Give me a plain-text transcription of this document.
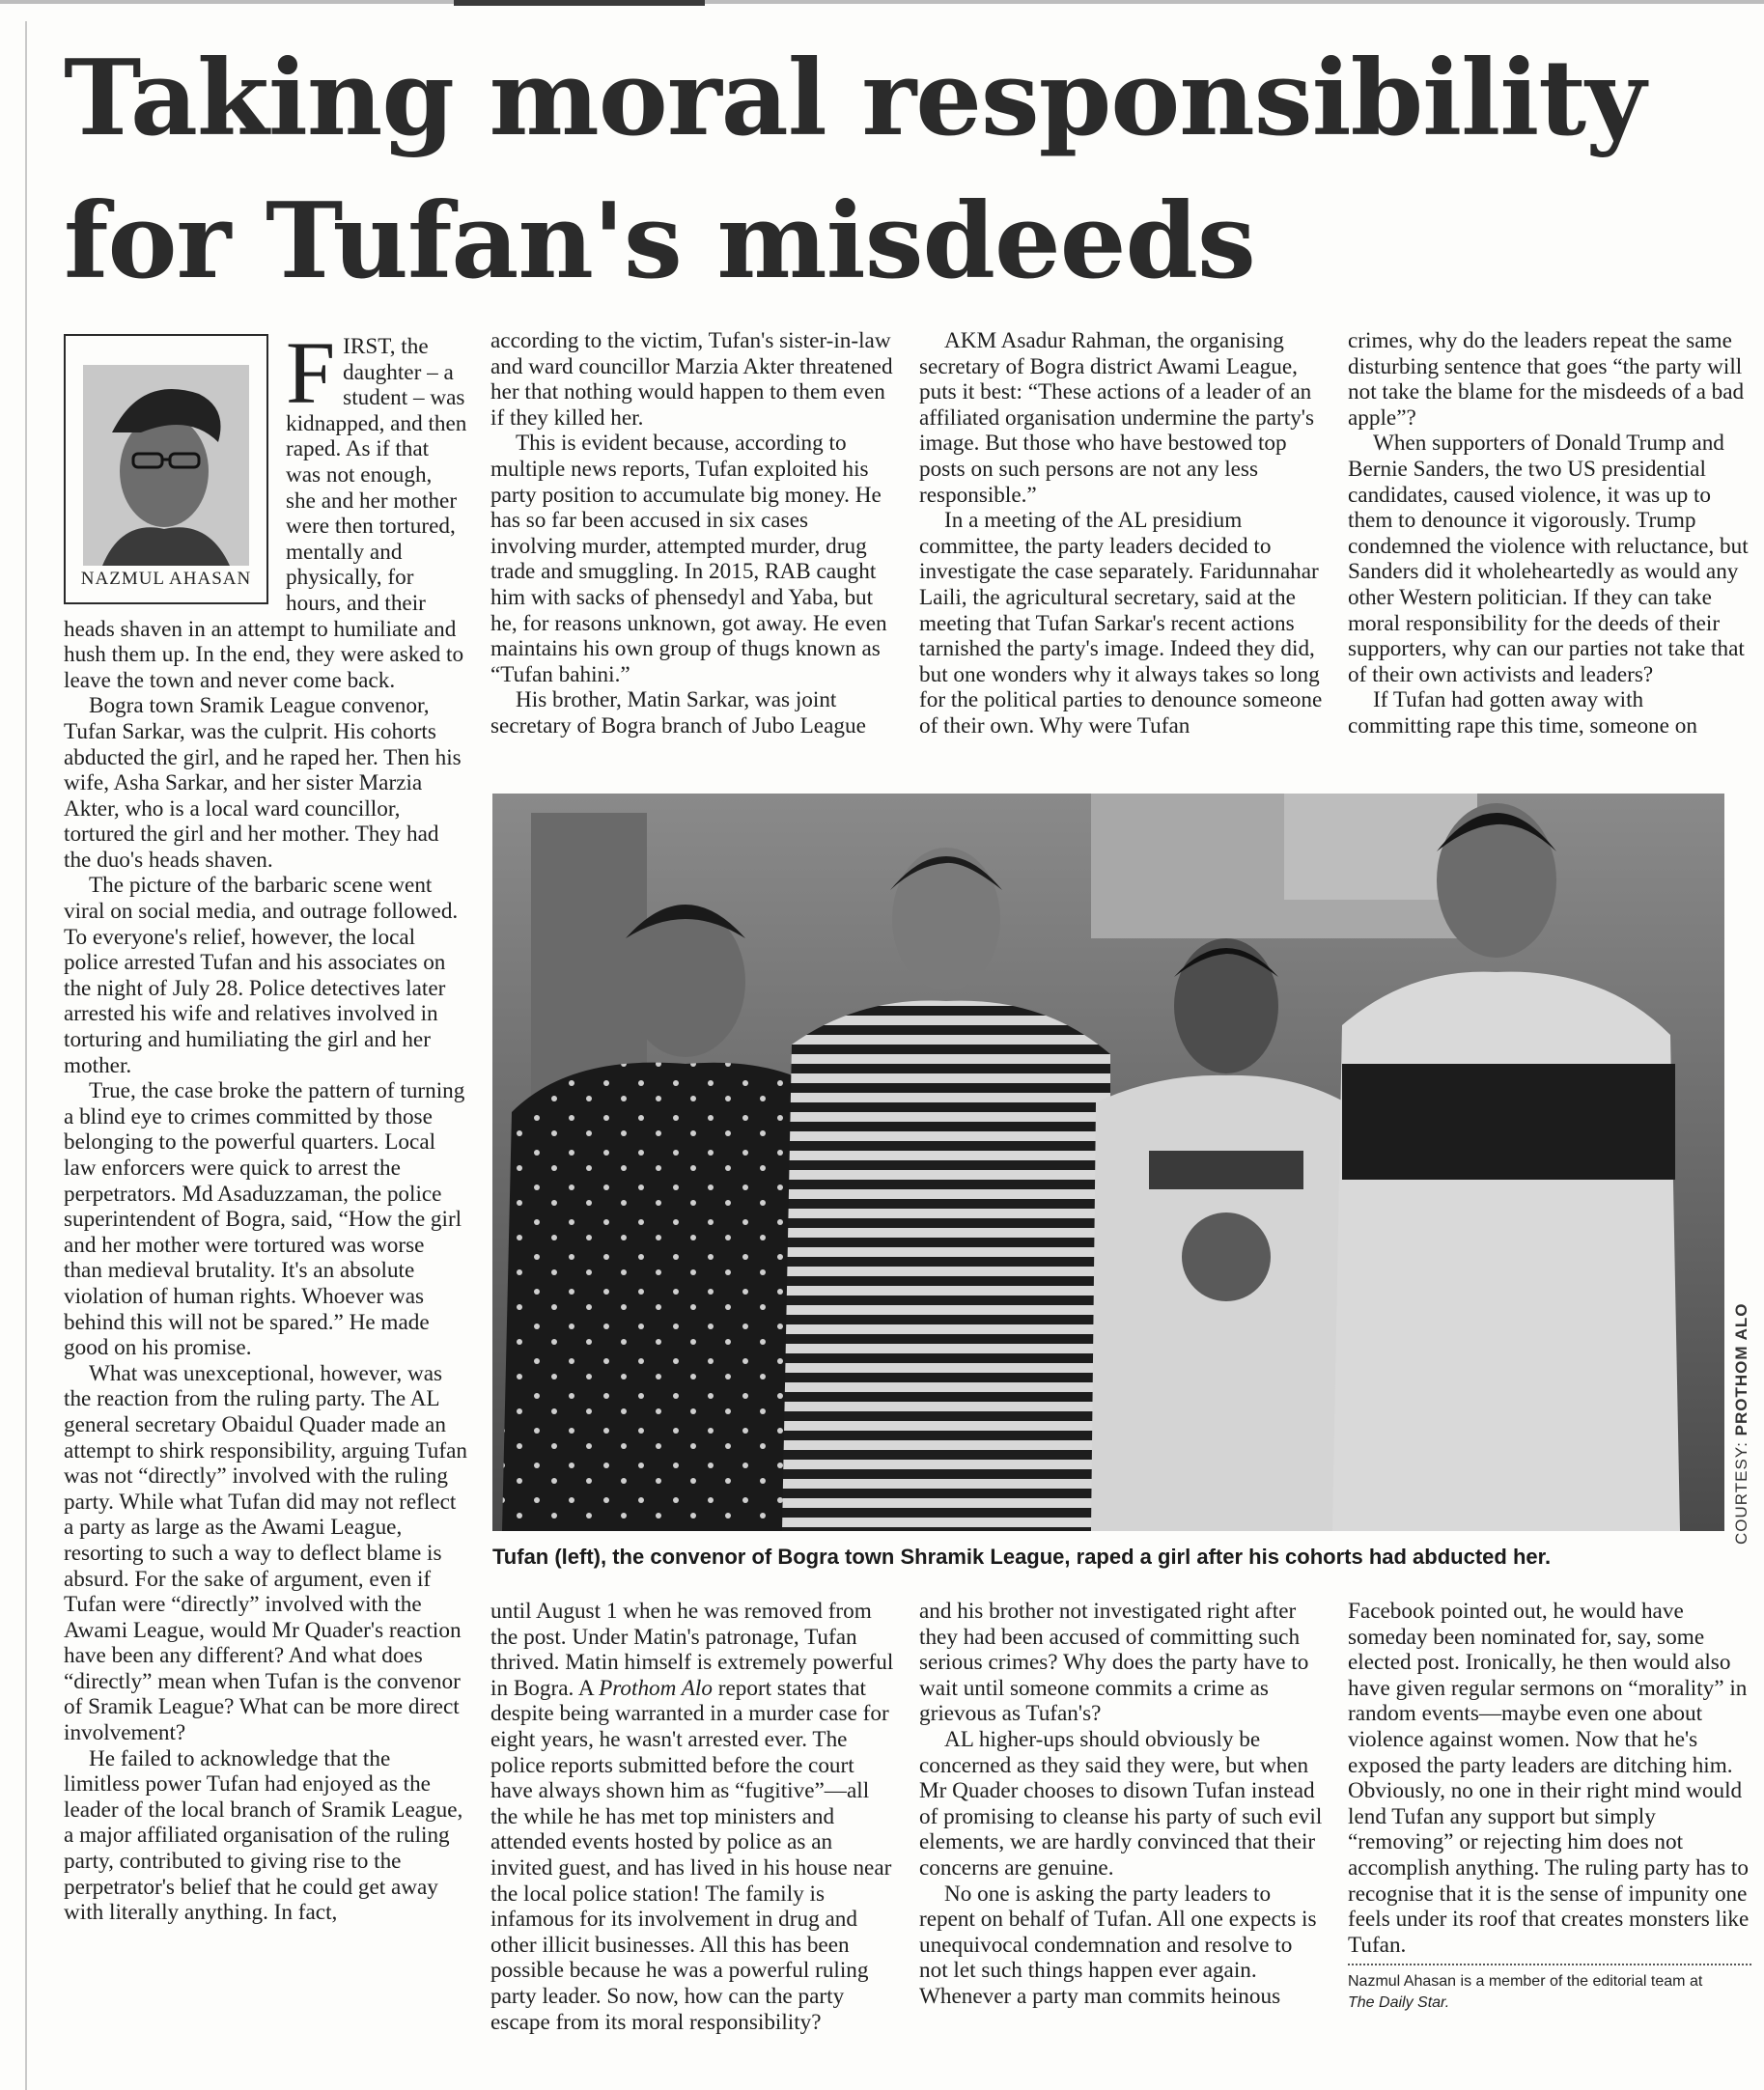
Taking moral responsibility
for Tufan's misdeeds
NAZMUL AHASAN

FIRST, the daughter – a student – was kidnapped, and then raped. As if that was not enough, she and her mother were then tortured, mentally and physically, for hours, and their heads shaven in an attempt to humiliate and hush them up. In the end, they were asked to leave the town and never come back.

Bogra town Sramik League convenor, Tufan Sarkar, was the culprit. His cohorts abducted the girl, and he raped her. Then his wife, Asha Sarkar, and her sister Marzia Akter, who is a local ward councillor, tortured the girl and her mother. They had the duo's heads shaven.

The picture of the barbaric scene went viral on social media, and outrage followed. To everyone's relief, however, the local police arrested Tufan and his associates on the night of July 28. Police detectives later arrested his wife and relatives involved in torturing and humiliating the girl and her mother.

True, the case broke the pattern of turning a blind eye to crimes committed by those belonging to the powerful quarters. Local law enforcers were quick to arrest the perpetrators. Md Asaduzzaman, the police superintendent of Bogra, said, “How the girl and her mother were tortured was worse than medieval brutality. It's an absolute violation of human rights. Whoever was behind this will not be spared.” He made good on his promise.

What was unexceptional, however, was the reaction from the ruling party. The AL general secretary Obaidul Quader made an attempt to shirk responsibility, arguing Tufan was not “directly” involved with the ruling party. While what Tufan did may not reflect a party as large as the Awami League, resorting to such a way to deflect blame is absurd. For the sake of argument, even if Tufan were “directly” involved with the Awami League, would Mr Quader's reaction have been any different? And what does “directly” mean when Tufan is the convenor of Sramik League? What can be more direct involvement?

He failed to acknowledge that the limitless power Tufan had enjoyed as the leader of the local branch of Sramik League, a major affiliated organisation of the ruling party, contributed to giving rise to the perpetrator's belief that he could get away with literally anything. In fact,

according to the victim, Tufan's sister-in-law and ward councillor Marzia Akter threatened her that nothing would happen to them even if they killed her.

This is evident because, according to multiple news reports, Tufan exploited his party position to accumulate big money. He has so far been accused in six cases involving murder, attempted murder, drug trade and smuggling. In 2015, RAB caught him with sacks of phensedyl and Yaba, but he, for reasons unknown, got away. He even maintains his own group of thugs known as “Tufan bahini.”

His brother, Matin Sarkar, was joint secretary of Bogra branch of Jubo League

AKM Asadur Rahman, the organising secretary of Bogra district Awami League, puts it best: “These actions of a leader of an affiliated organisation undermine the party's image. But those who have bestowed top posts on such persons are not any less responsible.”

In a meeting of the AL presidium committee, the party leaders decided to investigate the case separately. Faridunnahar Laili, the agricultural secretary, said at the meeting that Tufan Sarkar's recent actions tarnished the party's image. Indeed they did, but one wonders why it always takes so long for the political parties to denounce someone of their own. Why were Tufan

crimes, why do the leaders repeat the same disturbing sentence that goes “the party will not take the blame for the misdeeds of a bad apple”?

When supporters of Donald Trump and Bernie Sanders, the two US presidential candidates, caused violence, it was up to them to denounce it vigorously. Trump condemned the violence with reluctance, but Sanders did it wholeheartedly as would any other Western politician. If they can take moral responsibility for the deeds of their supporters, why can our parties not take that of their own activists and leaders?

If Tufan had gotten away with committing rape this time, someone on

COURTESY: PROTHOM ALO
Tufan (left), the convenor of Bogra town Shramik League, raped a girl after his cohorts had abducted her.

until August 1 when he was removed from the post. Under Matin's patronage, Tufan thrived. Matin himself is extremely powerful in Bogra. A Prothom Alo report states that despite being warranted in a murder case for eight years, he wasn't arrested ever. The police reports submitted before the court have always shown him as “fugitive”—all the while he has met top ministers and attended events hosted by police as an invited guest, and has lived in his house near the local police station! The family is infamous for its involvement in drug and other illicit businesses. All this has been possible because he was a powerful ruling party leader. So now, how can the party escape from its moral responsibility?

and his brother not investigated right after they had been accused of committing such serious crimes? Why does the party have to wait until someone commits a crime as grievous as Tufan's?

AL higher-ups should obviously be concerned as they said they were, but when Mr Quader chooses to disown Tufan instead of promising to cleanse his party of such evil elements, we are hardly convinced that their concerns are genuine.

No one is asking the party leaders to repent on behalf of Tufan. All one expects is unequivocal condemnation and resolve to not let such things happen ever again. Whenever a party man commits heinous

Facebook pointed out, he would have someday been nominated for, say, some elected post. Ironically, he then would also have given regular sermons on “morality” in random events—maybe even one about violence against women. Now that he's exposed the party leaders are ditching him. Obviously, no one in their right mind would lend Tufan any support but simply “removing” or rejecting him does not accomplish anything. The ruling party has to recognise that it is the sense of impunity one feels under its roof that creates monsters like Tufan.

Nazmul Ahasan is a member of the editorial team at
The Daily Star.
